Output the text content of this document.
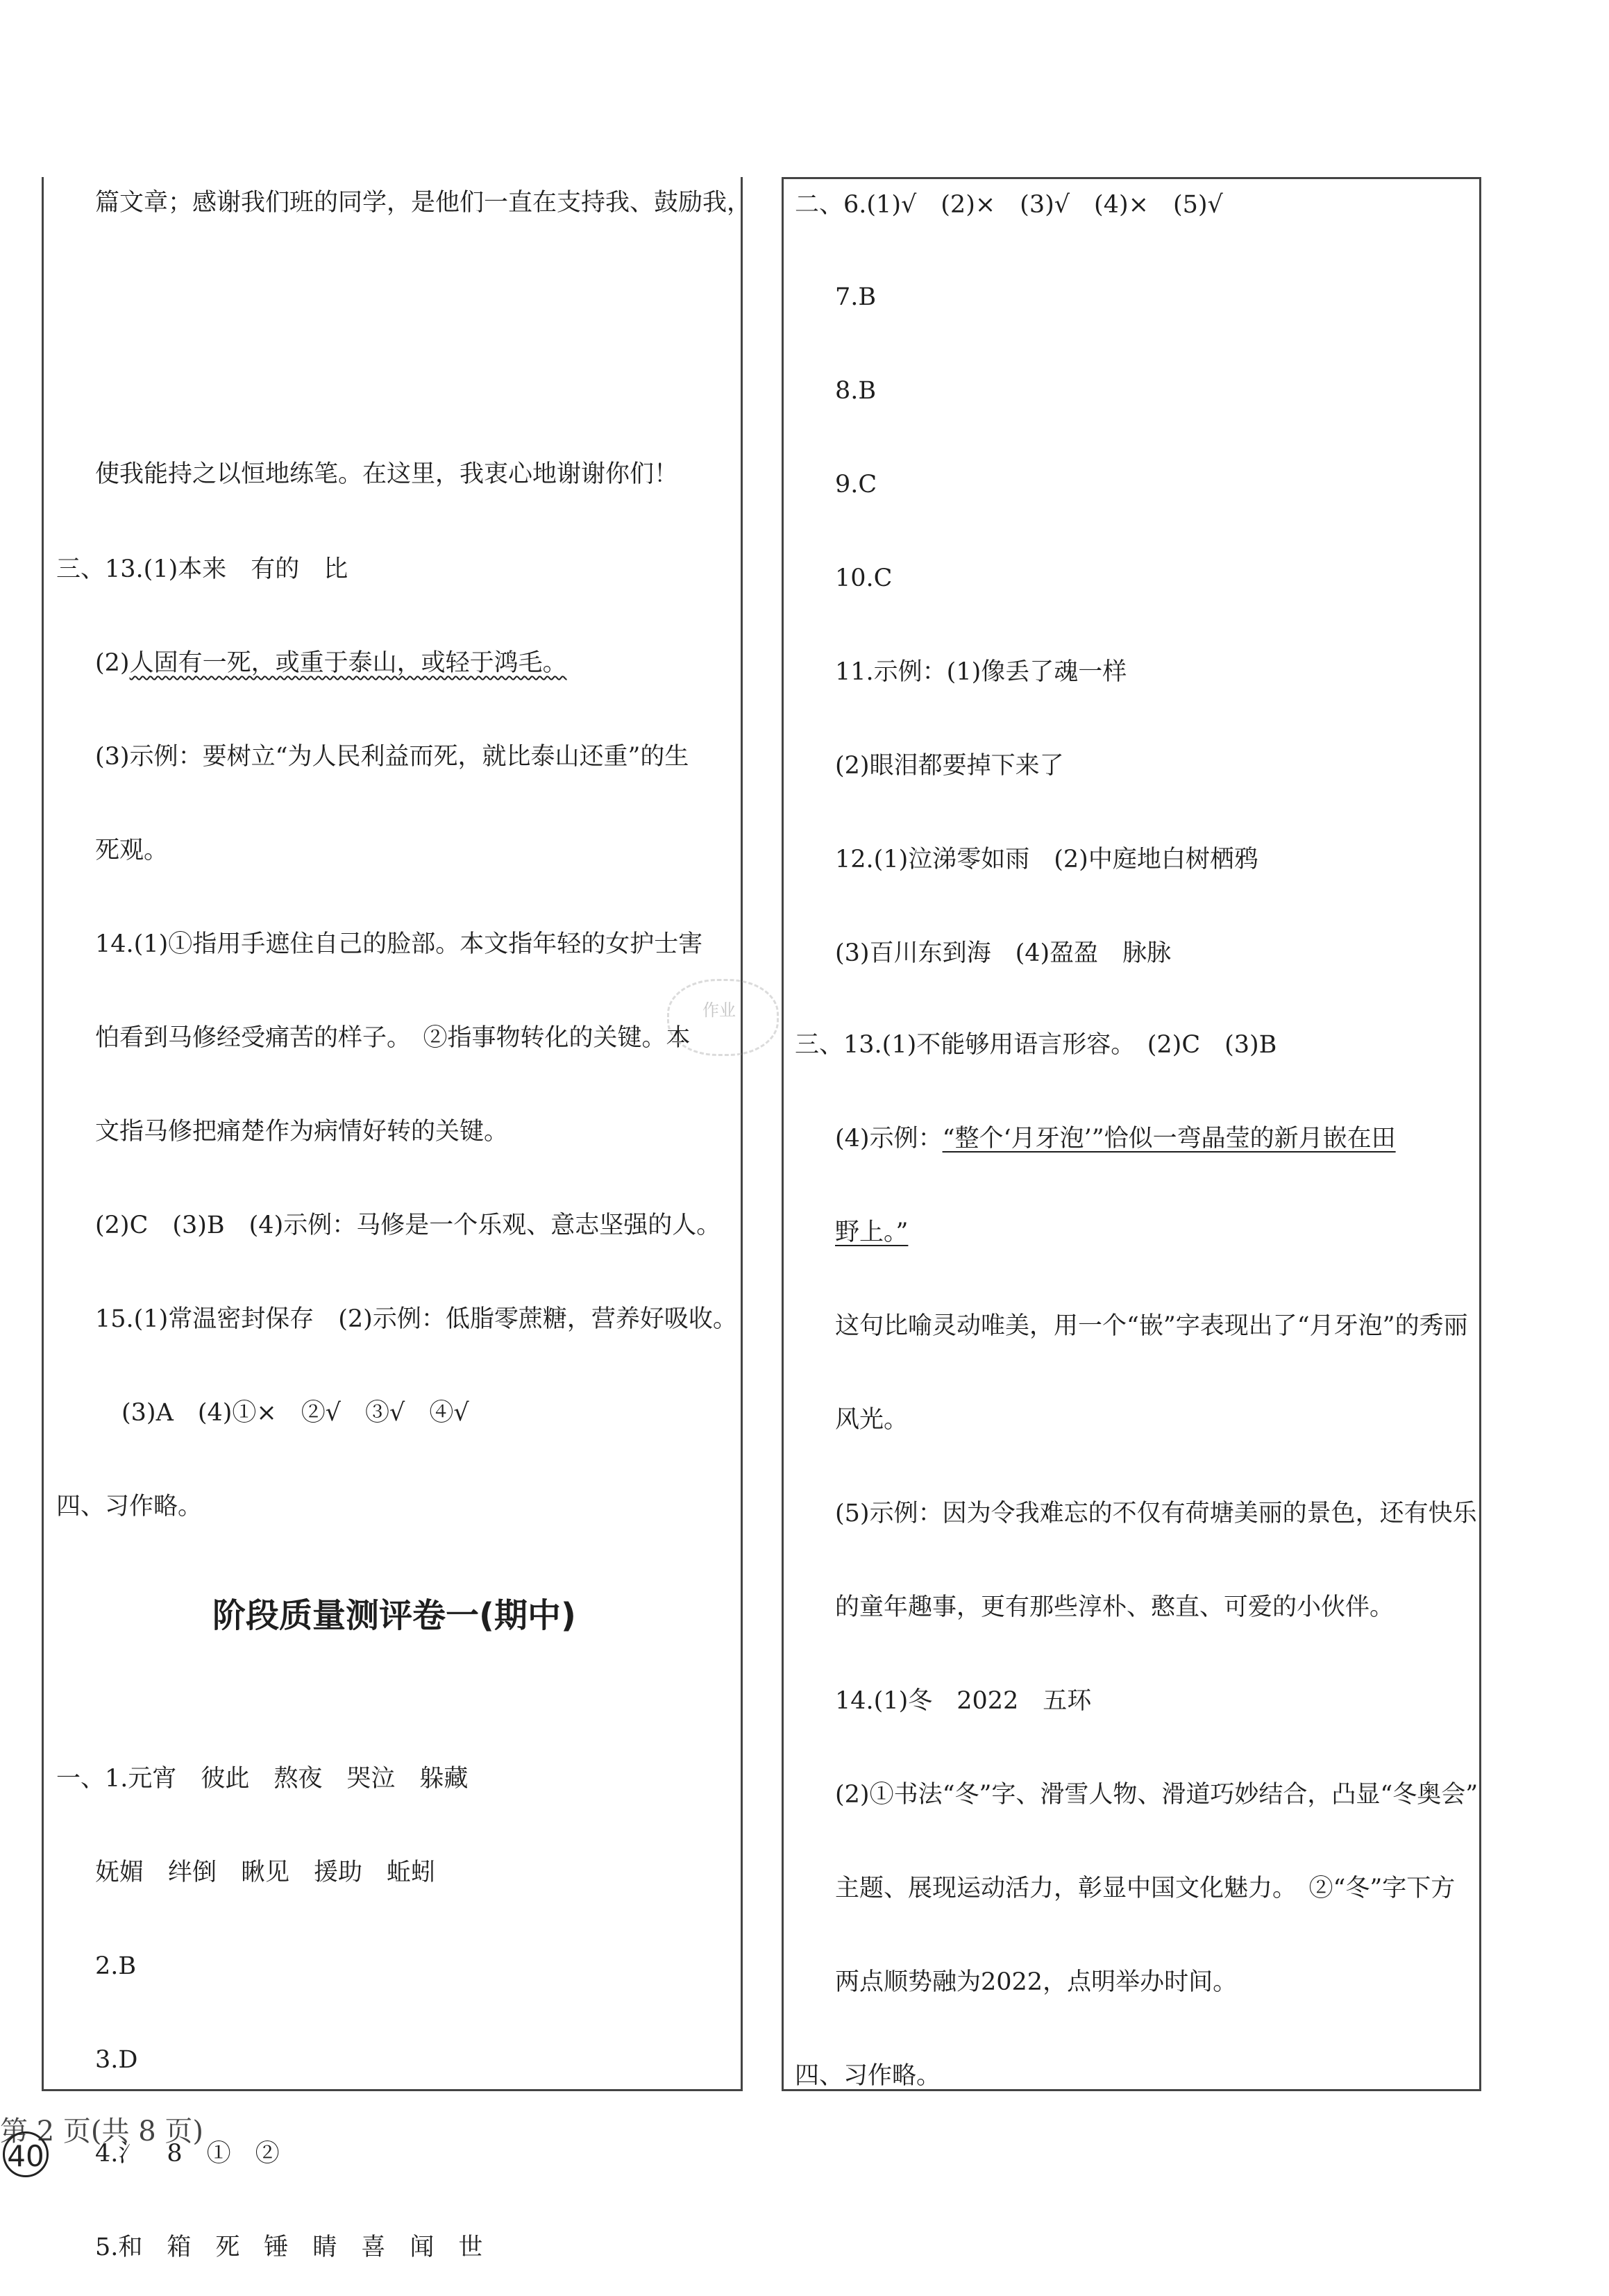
篇文章；感谢我们班的同学，是他们一直在支持我、鼓励我，
使我能持之以恒地练笔。在这里，我衷心地谢谢你们！
三、13.(1)本来　有的　比
(2)人固有一死，或重于泰山，或轻于鸿毛。
(3)示例：要树立“为人民利益而死，就比泰山还重”的生
死观。
14.(1)①指用手遮住自己的脸部。本文指年轻的女护士害
怕看到马修经受痛苦的样子。　②指事物转化的关键。本
文指马修把痛楚作为病情好转的关键。
(2)C　(3)B　(4)示例：马修是一个乐观、意志坚强的人。
15.(1)常温密封保存　(2)示例：低脂零蔗糖，营养好吸收。
(3)A　(4)①×　②√　③√　④√
四、习作略。
阶段质量测评卷一(期中)
一、1.元宵　彼此　熬夜　哭泣　躲藏
妩媚　绊倒　瞅见　援助　蚯蚓
2.B
3.D
4.氵　8　①　②
5.和　箱　死　锤　睛　喜　闻　世
作业
二、6.(1)√　(2)×　(3)√　(4)×　(5)√
7.B
8.B
9.C
10.C
11.示例：(1)像丢了魂一样
(2)眼泪都要掉下来了
12.(1)泣涕零如雨　(2)中庭地白树栖鸦
(3)百川东到海　(4)盈盈　脉脉
三、13.(1)不能够用语言形容。　(2)C　(3)B
(4)示例：“整个‘月牙泡’”恰似一弯晶莹的新月嵌在田
野上。”
这句比喻灵动唯美，用一个“嵌”字表现出了“月牙泡”的秀丽
风光。
(5)示例：因为令我难忘的不仅有荷塘美丽的景色，还有快乐
的童年趣事，更有那些淳朴、憨直、可爱的小伙伴。
14.(1)冬　2022　五环
(2)①书法“冬”字、滑雪人物、滑道巧妙结合，凸显“冬奥会”
主题、展现运动活力，彰显中国文化魅力。　②“冬”字下方
两点顺势融为2022，点明举办时间。
四、习作略。
第 2 页(共 8 页)
40
